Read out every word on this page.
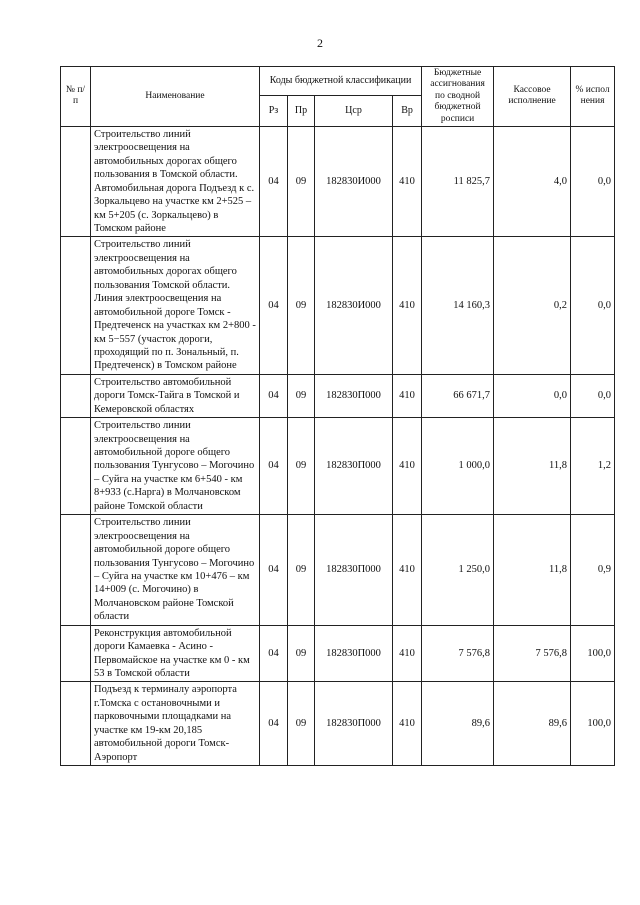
2
№ п/п	Наименование	Коды бюджетной классификации				Бюджетные ассигнования по сводной бюджетной росписи	Кассовое исполнение	% испол нения
		Рз	Пр	Цср	Вр			
	Строительство линий электроосвещения на автомобильных дорогах общего пользования в Томской области. Автомобильная дорога Подъезд к с. Зоркальцево на участке км 2+525 – км 5+205 (с. Зоркальцево) в Томском районе	04	09	182830И000	410	11 825,7	4,0	0,0
	Строительство линий электроосвещения на автомобильных дорогах общего пользования Томской области. Линия электроосвещения на автомобильной дороге Томск - Предтеченск на участках км 2+800 - км 5−557 (участок дороги, проходящий по п. Зональный, п. Предтеченск) в Томском районе	04	09	182830И000	410	14 160,3	0,2	0,0
	Строительство автомобильной дороги Томск-Тайга в Томской и Кемеровской областях	04	09	182830П000	410	66 671,7	0,0	0,0
	Строительство линии электроосвещения на автомобильной дороге общего пользования Тунгусово – Могочино – Суйга на участке км 6+540 - км 8+933 (с.Нарга) в Молчановском районе Томской области	04	09	182830П000	410	1 000,0	11,8	1,2
	Строительство линии электроосвещения на автомобильной дороге общего пользования Тунгусово – Могочино – Суйга на участке км 10+476 – км 14+009 (с. Могочино) в Молчановском районе Томской области	04	09	182830П000	410	1 250,0	11,8	0,9
	Реконструкция автомобильной дороги Камаевка - Асино - Первомайское на участке км 0 - км 53 в Томской области	04	09	182830П000	410	7 576,8	7 576,8	100,0
	Подъезд к терминалу аэропорта г.Томска с остановочными и парковочными площадками на участке км 19-км 20,185 автомобильной дороги Томск-Аэропорт	04	09	182830П000	410	89,6	89,6	100,0
